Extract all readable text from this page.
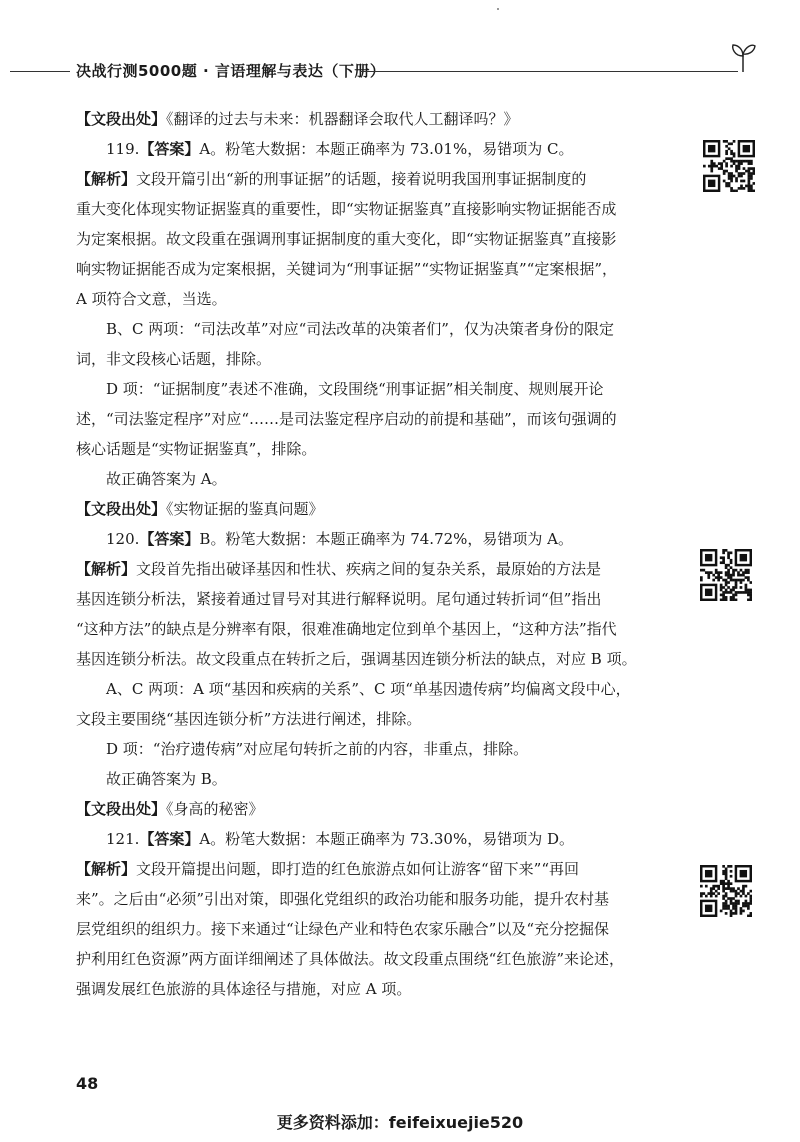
决战行测5000题 · 言语理解与表达（下册）
【文段出处】《翻译的过去与未来：机器翻译会取代人工翻译吗？》
119.【答案】A。粉笔大数据：本题正确率为 73.01%，易错项为 C。
【解析】文段开篇引出“新的刑事证据”的话题，接着说明我国刑事证据制度的
重大变化体现实物证据鉴真的重要性，即“实物证据鉴真”直接影响实物证据能否成
为定案根据。故文段重在强调刑事证据制度的重大变化，即“实物证据鉴真”直接影
响实物证据能否成为定案根据，关键词为“刑事证据”“实物证据鉴真”“定案根据”，
A 项符合文意，当选。
B、C 两项：“司法改革”对应“司法改革的决策者们”，仅为决策者身份的限定
词，非文段核心话题，排除。
D 项：“证据制度”表述不准确，文段围绕“刑事证据”相关制度、规则展开论
述，“司法鉴定程序”对应“……是司法鉴定程序启动的前提和基础”，而该句强调的
核心话题是“实物证据鉴真”，排除。
故正确答案为 A。
【文段出处】《实物证据的鉴真问题》
120.【答案】B。粉笔大数据：本题正确率为 74.72%，易错项为 A。
【解析】文段首先指出破译基因和性状、疾病之间的复杂关系，最原始的方法是
基因连锁分析法，紧接着通过冒号对其进行解释说明。尾句通过转折词“但”指出
“这种方法”的缺点是分辨率有限，很难准确地定位到单个基因上，“这种方法”指代
基因连锁分析法。故文段重点在转折之后，强调基因连锁分析法的缺点，对应 B 项。
A、C 两项：A 项“基因和疾病的关系”、C 项“单基因遗传病”均偏离文段中心，
文段主要围绕“基因连锁分析”方法进行阐述，排除。
D 项：“治疗遗传病”对应尾句转折之前的内容，非重点，排除。
故正确答案为 B。
【文段出处】《身高的秘密》
121.【答案】A。粉笔大数据：本题正确率为 73.30%，易错项为 D。
【解析】文段开篇提出问题，即打造的红色旅游点如何让游客“留下来”“再回
来”。之后由“必须”引出对策，即强化党组织的政治功能和服务功能，提升农村基
层党组织的组织力。接下来通过“让绿色产业和特色农家乐融合”以及“充分挖掘保
护利用红色资源”两方面详细阐述了具体做法。故文段重点围绕“红色旅游”来论述，
强调发展红色旅游的具体途径与措施，对应 A 项。
48
更多资料添加：feifeixuejie520
